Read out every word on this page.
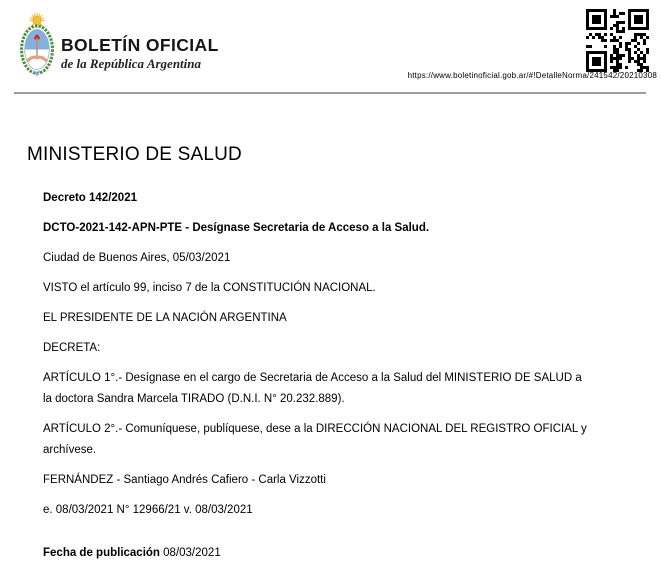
BOLETÍN OFICIAL
de la República Argentina
https://www.boletinoficial.gob.ar/#!DetalleNorma/241542/20210308
MINISTERIO DE SALUD

Decreto 142/2021

DCTO-2021-142-APN-PTE - Desígnase Secretaria de Acceso a la Salud.

Ciudad de Buenos Aires, 05/03/2021

VISTO el artículo 99, inciso 7 de la CONSTITUCIÓN NACIONAL.

EL PRESIDENTE DE LA NACIÓN ARGENTINA

DECRETA:

ARTÍCULO 1°.- Desígnase en el cargo de Secretaria de Acceso a la Salud del MINISTERIO DE SALUD a la doctora Sandra Marcela TIRADO (D.N.I. N° 20.232.889).

ARTÍCULO 2°.- Comuníquese, publíquese, dese a la DIRECCIÓN NACIONAL DEL REGISTRO OFICIAL y archívese.

FERNÁNDEZ - Santiago Andrés Cafiero - Carla Vizzotti

e. 08/03/2021 N° 12966/21 v. 08/03/2021

Fecha de publicación 08/03/2021
